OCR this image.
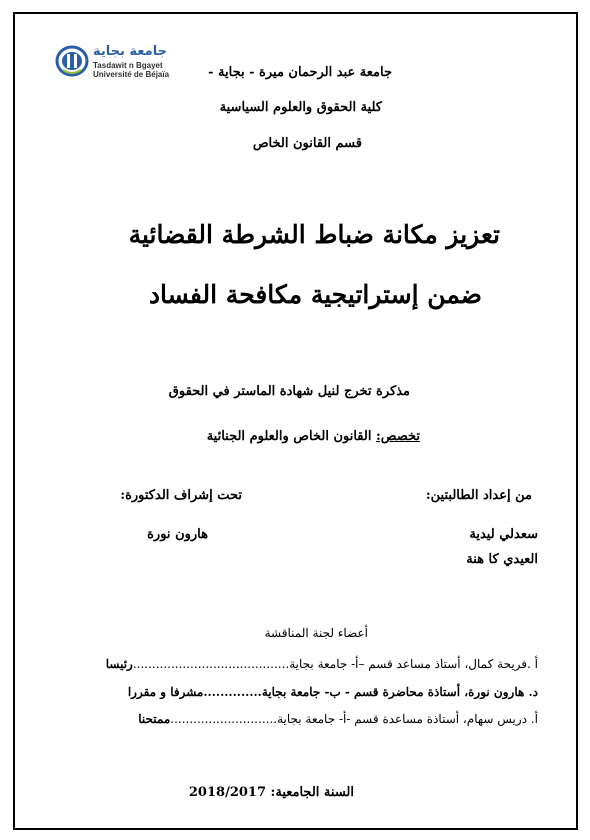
جامعة بجاية
Tasdawit n Bgayet
Université de Béjaïa	جامعة عبد الرحمان ميرة - بجاية -
كلية الحقوق والعلوم السياسية
قسم القانون الخاص
تعزيز مكانة ضباط الشرطة القضائية
ضمن إستراتيجية مكافحة الفساد
مذكرة تخرج لنيل شهادة الماستر في الحقوق
تخصص: القانون الخاص والعلوم الجنائية
من إعداد الطالبتين:
تحت إشراف الدكتورة:
سعدلي ليدية
العيدي كا هنة
هارون نورة
أعضاء لجنة المناقشة
أ .فريحة كمال، أستاذ مساعد قسم –أ- جامعة بجاية.........................................رئيسا
د. هارون نورة، أستاذة محاضرة قسم - ب- جامعة بجاية..............مشرفا و مقررا
أ. دريس سهام، أستاذة مساعدة قسم -أ- جامعة بجاية............................ممتحنا
السنة الجامعية: 2018/2017
